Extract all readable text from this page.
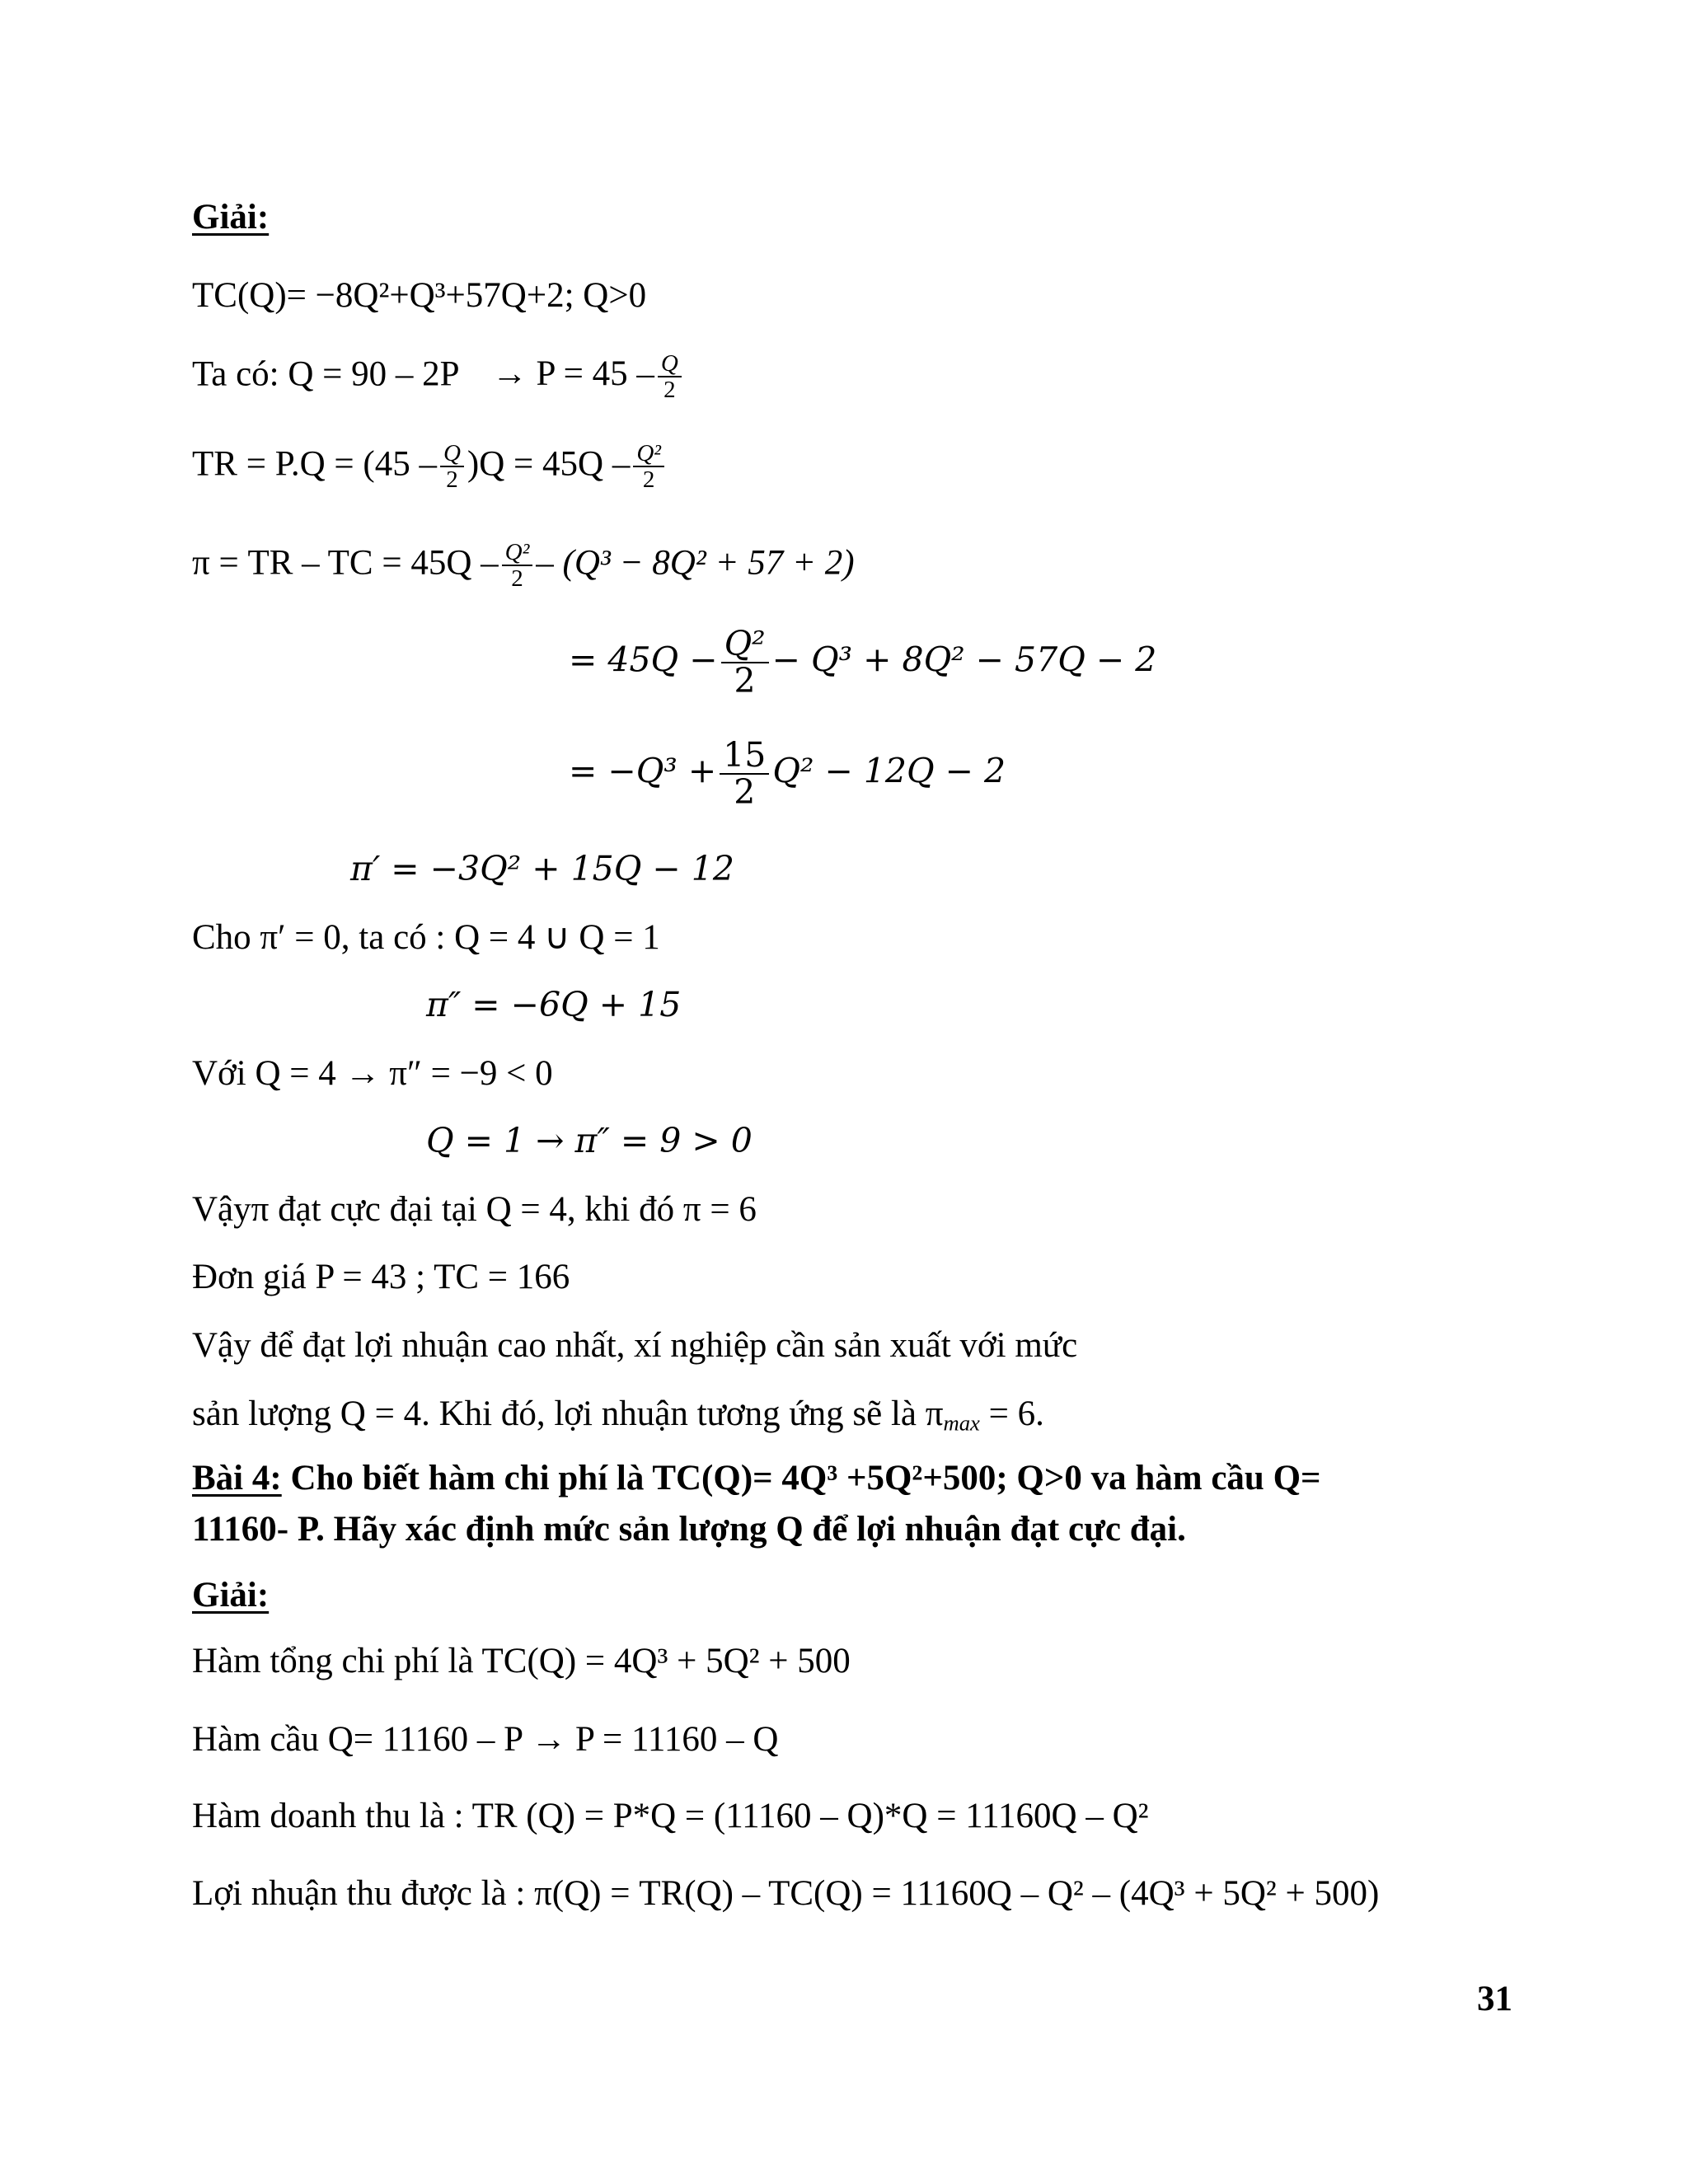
Giải:
TC(Q)= −8Q²+Q³+57Q+2; Q>0
Ta có: $Q = 90 - 2P \to P = 45 - \frac{Q}{2}$
TR = $P.Q = (45 - \frac{Q}{2} )Q = 45Q - \frac{\text{Q²}}{2}$
π = TR – TC = $45Q - \frac{\text{Q²}}{2} - (Q^3 - 8Q^2 + 57 + 2)$
= $45Q - \frac{\text{Q²}}{2} - Q^3 + 8Q^2 - 57Q - 2$
= $-Q^3 + \frac{15}{2} Q^2 - 12Q - 2$
π′ = −3Q² + 15Q − 12
Cho π′ = 0, ta có : Q = 4 ∪ Q = 1
π″ = −6Q + 15
Với Q = 4 → π″ = −9 < 0
Q = 1 → π″ = 9 > 0
Vậyπ đạt cực đại tại Q = 4, khi đó π = 6
Đơn giá P = 43 ; TC = 166
Vậy để đạt lợi nhuận cao nhất, xí nghiệp cần sản xuất với mức
sản lượng Q = 4. Khi đó, lợi nhuận tương ứng sẽ là $\pi_{max} = 6$.
Bài 4: Cho biết hàm chi phí là TC(Q)= 4Q³ +5Q²+500; Q>0 va hàm cầu Q=
11160- P. Hãy xác định mức sản lượng Q để lợi nhuận đạt cực đại.
Giải:
Hàm tổng chi phí là TC(Q) = 4Q³ + 5Q² + 500
Hàm cầu Q= 11160 – P → P = 11160 – Q
Hàm doanh thu là : TR (Q) = P*Q = (11160 – Q)*Q = 11160Q – Q²
Lợi nhuận thu được là : π(Q) = TR(Q) – TC(Q) = 11160Q – Q² – (4Q³ + 5Q² + 500)
31
